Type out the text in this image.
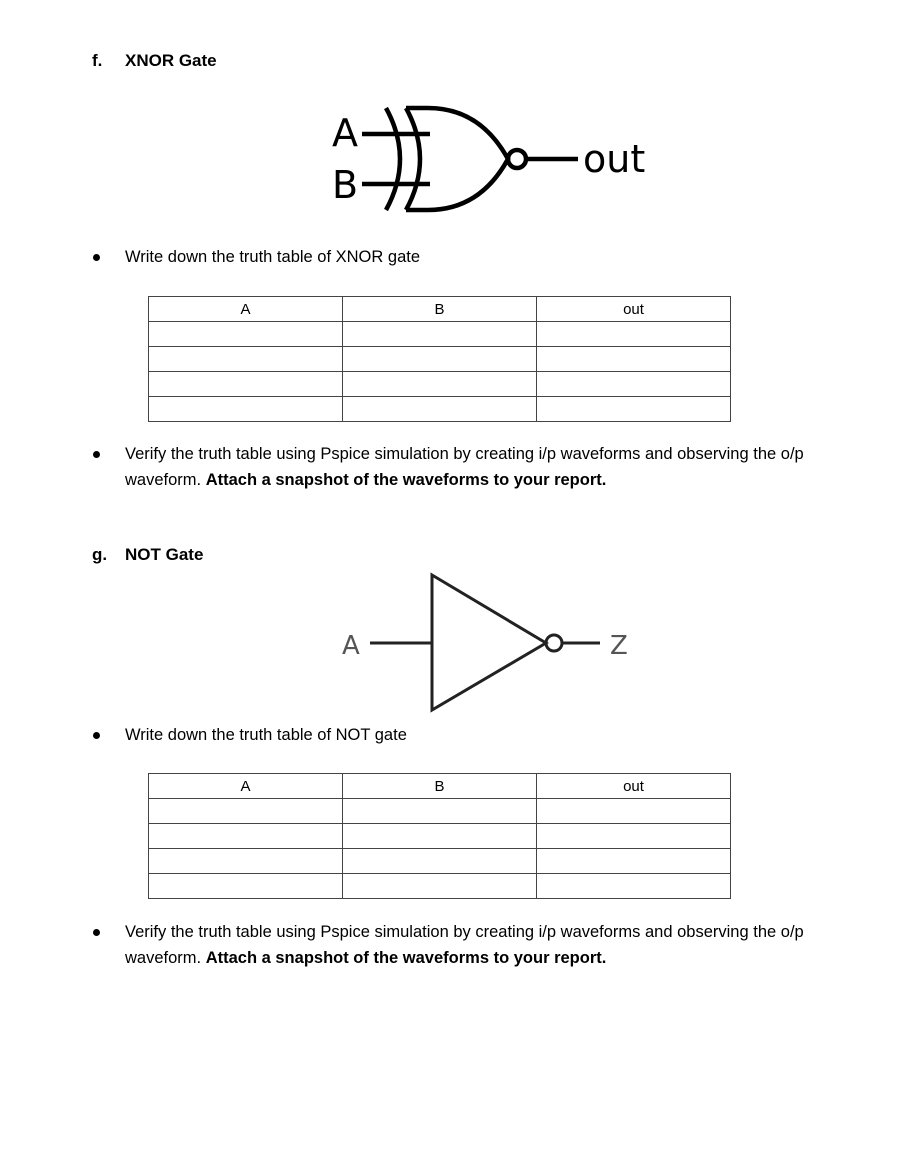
f. XNOR Gate
A
B
out
Write down the truth table of XNOR gate
A	B	out

Verify the truth table using Pspice simulation by creating i/p waveforms and observing the o/p waveform. Attach a snapshot of the waveforms to your report.
g. NOT Gate
A	Z
Write down the truth table of NOT gate
A	B	out

Verify the truth table using Pspice simulation by creating i/p waveforms and observing the o/p waveform. Attach a snapshot of the waveforms to your report.
